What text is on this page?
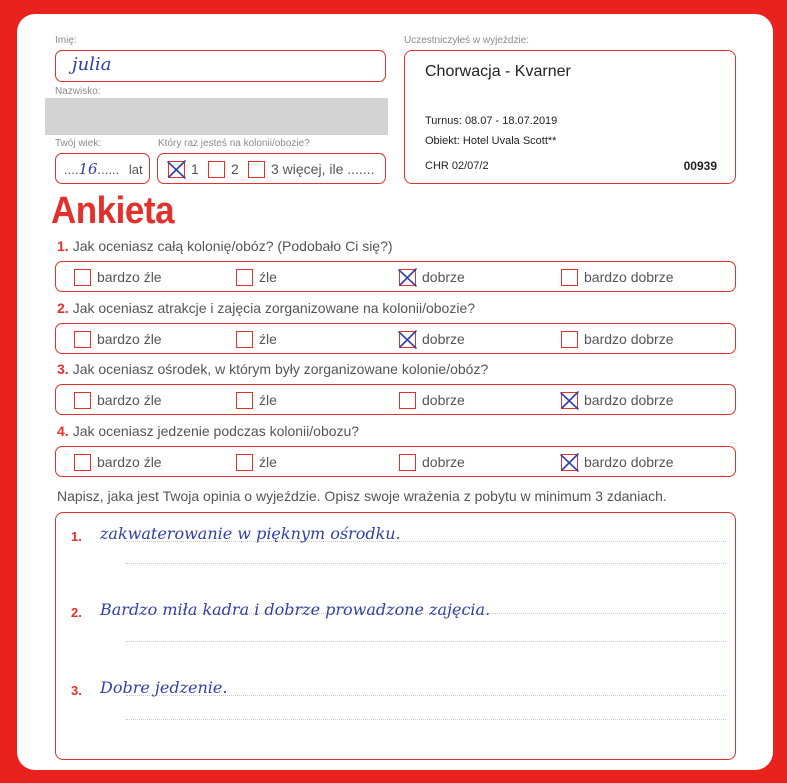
Imię:
julia
Nazwisko:
Twój wiek:
....16...... lat
Który raz jesteś na kolonii/obozie?
1 2 3 więcej, ile .......
Uczestniczyłeś w wyjeździe:
Chorwacja - Kvarner
Turnus: 08.07 - 18.07.2019
Obiekt: Hotel Uvala Scott**
CHR 02/07/2	00939
Ankieta
1. Jak oceniasz całą kolonię/obóz? (Podobało Ci się?)
bardzo źle	źle	dobrze	bardzo dobrze
2. Jak oceniasz atrakcje i zajęcia zorganizowane na kolonii/obozie?
bardzo źle	źle	dobrze	bardzo dobrze
3. Jak oceniasz ośrodek, w którym były zorganizowane kolonie/obóz?
bardzo źle	źle	dobrze	bardzo dobrze
4. Jak oceniasz jedzenie podczas kolonii/obozu?
bardzo źle	źle	dobrze	bardzo dobrze
Napisz, jaka jest Twoja opinia o wyjeździe. Opisz swoje wrażenia z pobytu w minimum 3 zdaniach.
1. zakwaterowanie w pięknym ośrodku.
2. Bardzo miła kadra i dobrze prowadzone zajęcia.
3. Dobre jedzenie.
